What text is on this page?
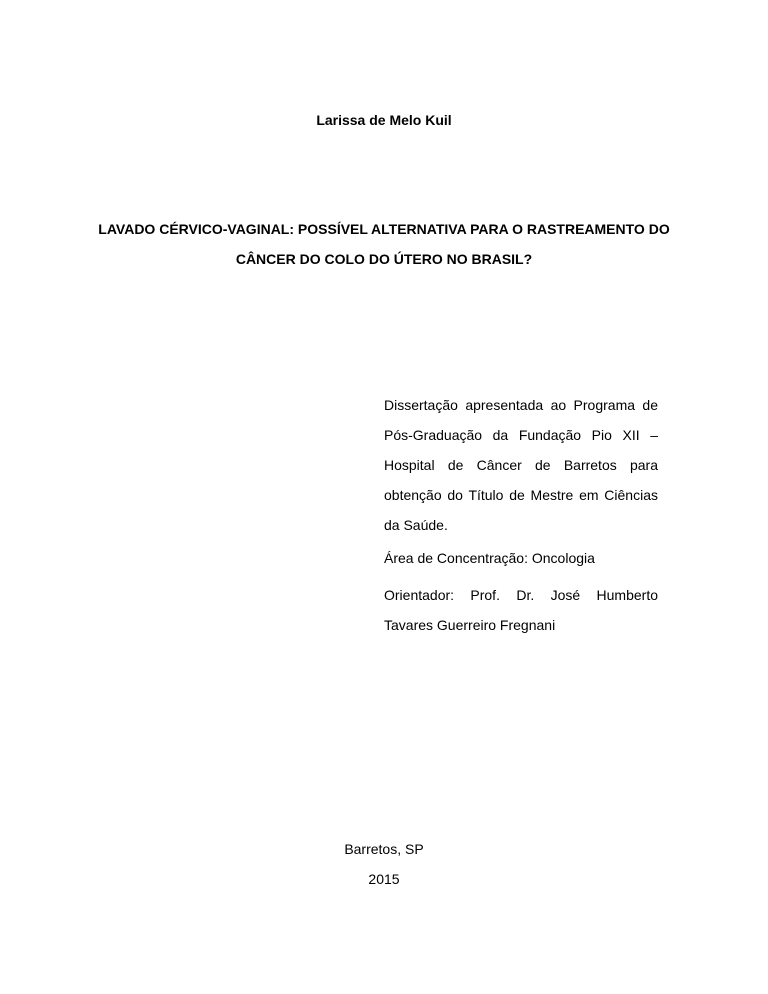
Larissa de Melo Kuil
LAVADO CÉRVICO-VAGINAL: POSSÍVEL ALTERNATIVA PARA O RASTREAMENTO DO
CÂNCER DO COLO DO ÚTERO NO BRASIL?
Dissertação apresentada ao Programa de Pós-Graduação da Fundação Pio XII – Hospital de Câncer de Barretos para obtenção do Título de Mestre em Ciências da Saúde.
Área de Concentração: Oncologia
Orientador: Prof. Dr. José Humberto Tavares Guerreiro Fregnani
Barretos, SP
2015
